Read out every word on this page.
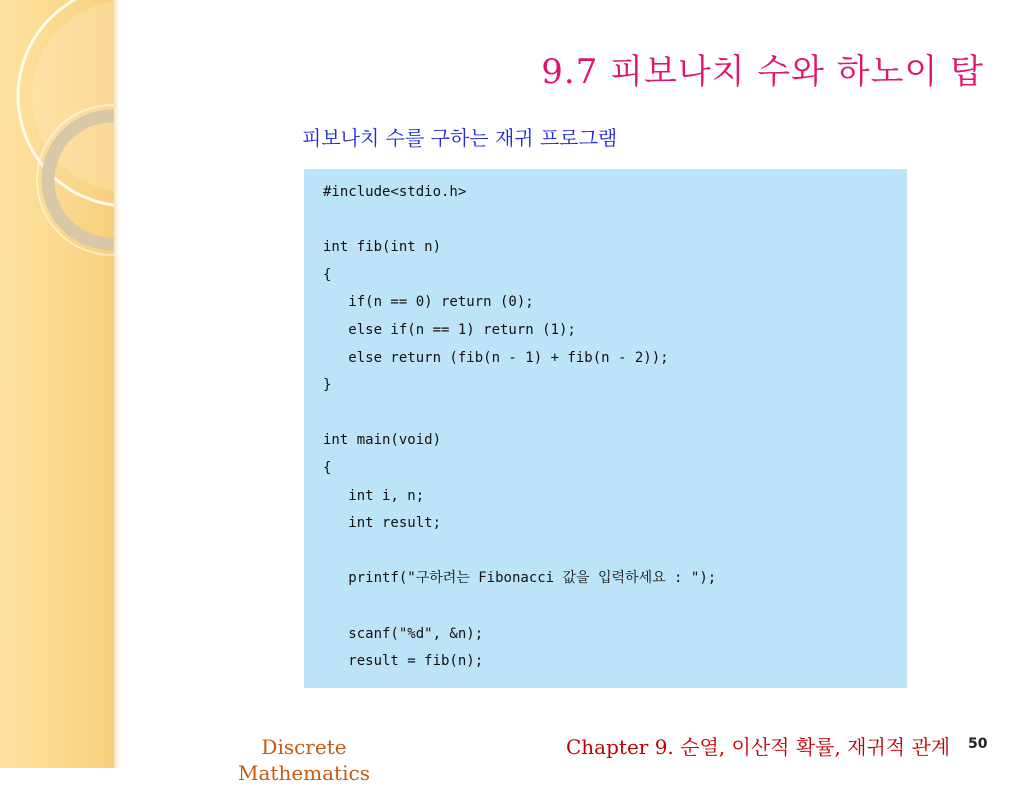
9.7 피보나치 수와 하노이 탑
피보나치 수를 구하는 재귀 프로그램
#include<stdio.h>
int fib(int n)
{
if(n == 0) return (0);
else if(n == 1) return (1);
else return (fib(n - 1) + fib(n - 2));
}
int main(void)
{
int i, n;
int result;
printf("구하려는 Fibonacci 값을 입력하세요 : ");
scanf("%d", &n);
result = fib(n);
Discrete Mathematics
Chapter 9. 순열, 이산적 확률, 재귀적 관계 50
